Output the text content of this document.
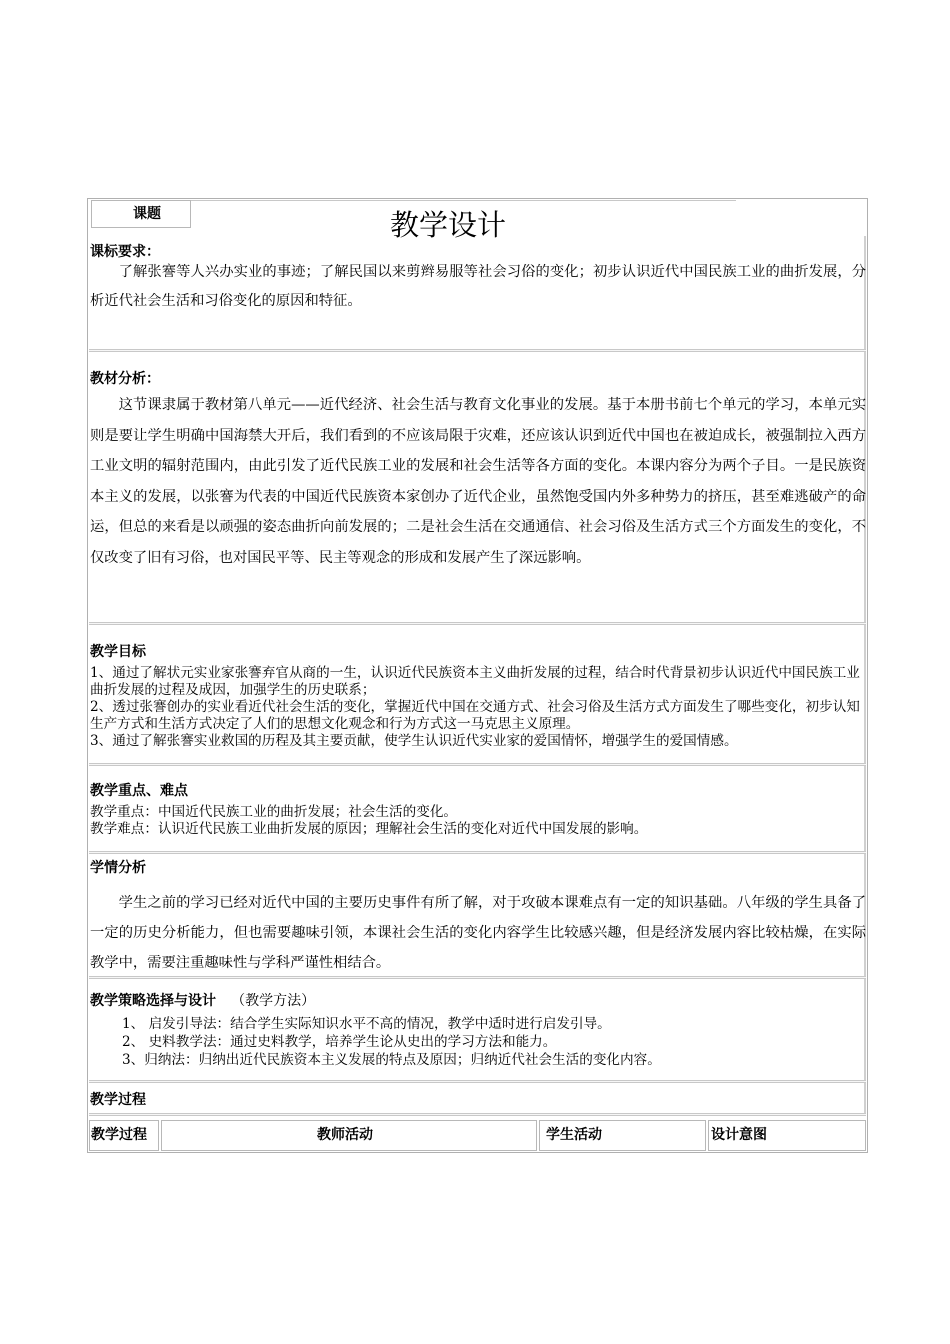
课题	教学设计
课标要求：

了解张謇等人兴办实业的事迹；了解民国以来剪辫易服等社会习俗的变化；初步认识近代中国民族工业的曲折发展，分析近代社会生活和习俗变化的原因和特征。

教材分析：

这节课隶属于教材第八单元——近代经济、社会生活与教育文化事业的发展。基于本册书前七个单元的学习，本单元实则是要让学生明确中国海禁大开后，我们看到的不应该局限于灾难，还应该认识到近代中国也在被迫成长，被强制拉入西方工业文明的辐射范围内，由此引发了近代民族工业的发展和社会生活等各方面的变化。本课内容分为两个子目。一是民族资本主义的发展，以张謇为代表的中国近代民族资本家创办了近代企业，虽然饱受国内外多种势力的挤压，甚至难逃破产的命运，但总的来看是以顽强的姿态曲折向前发展的；二是社会生活在交通通信、社会习俗及生活方式三个方面发生的变化，不仅改变了旧有习俗，也对国民平等、民主等观念的形成和发展产生了深远影响。

教学目标

1、通过了解状元实业家张謇弃官从商的一生，认识近代民族资本主义曲折发展的过程，结合时代背景初步认识近代中国民族工业曲折发展的过程及成因，加强学生的历史联系；

2、透过张謇创办的实业看近代社会生活的变化，掌握近代中国在交通方式、社会习俗及生活方式方面发生了哪些变化，初步认知生产方式和生活方式决定了人们的思想文化观念和行为方式这一马克思主义原理。

3、通过了解张謇实业救国的历程及其主要贡献，使学生认识近代实业家的爱国情怀，增强学生的爱国情感。

教学重点、难点

教学重点：中国近代民族工业的曲折发展；社会生活的变化。

教学难点：认识近代民族工业曲折发展的原因；理解社会生活的变化对近代中国发展的影响。

学情分析

学生之前的学习已经对近代中国的主要历史事件有所了解，对于攻破本课难点有一定的知识基础。八年级的学生具备了一定的历史分析能力，但也需要趣味引领，本课社会生活的变化内容学生比较感兴趣，但是经济发展内容比较枯燥，在实际教学中，需要注重趣味性与学科严谨性相结合。

教学策略选择与设计 （教学方法）

1、 启发引导法：结合学生实际知识水平不高的情况，教学中适时进行启发引导。

2、 史料教学法：通过史料教学，培养学生论从史出的学习方法和能力。

3、归纳法：归纳出近代民族资本主义发展的特点及原因；归纳近代社会生活的变化内容。

教学过程
教学过程	教师活动	学生活动	设计意图
